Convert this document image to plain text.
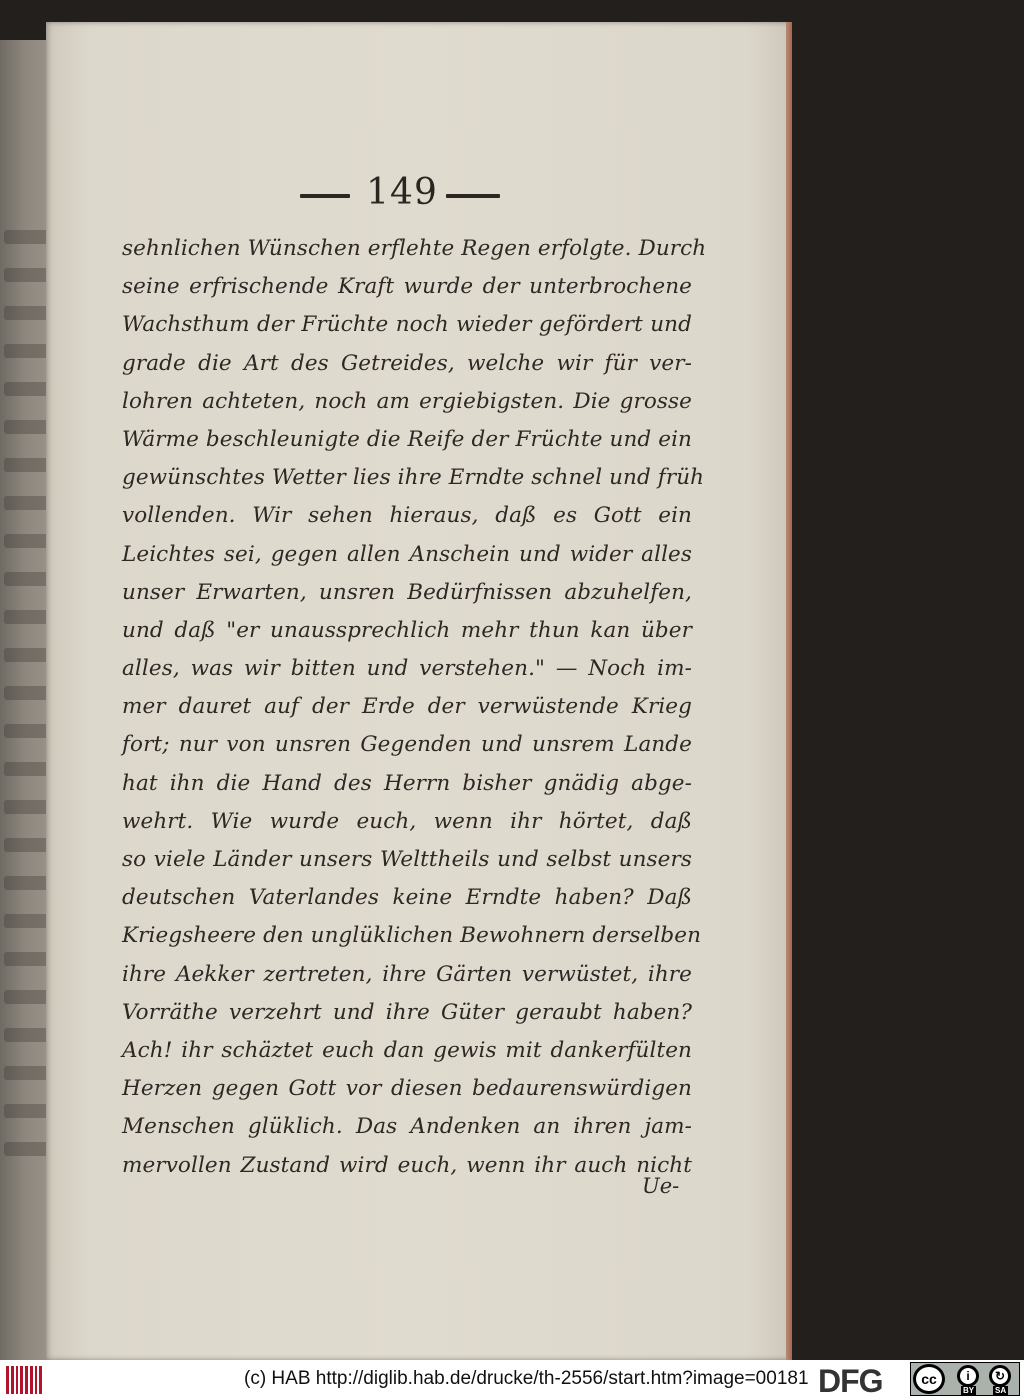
149
sehnlichen Wünschen erflehte Regen erfolgte. Durch
seine erfrischende Kraft wurde der unterbrochene
Wachsthum der Früchte noch wieder gefördert und
grade die Art des Getreides, welche wir für ver-
lohren achteten, noch am ergiebigsten. Die grosse
Wärme beschleunigte die Reife der Früchte und ein
gewünschtes Wetter lies ihre Erndte schnel und früh
vollenden. Wir sehen hieraus, daß es Gott ein
Leichtes sei, gegen allen Anschein und wider alles
unser Erwarten, unsren Bedürfnissen abzuhelfen,
und daß "er unaussprechlich mehr thun kan über
alles, was wir bitten und verstehen." — Noch im-
mer dauret auf der Erde der verwüstende Krieg
fort; nur von unsren Gegenden und unsrem Lande
hat ihn die Hand des Herrn bisher gnädig abge-
wehrt. Wie wurde euch, wenn ihr hörtet, daß
so viele Länder unsers Welttheils und selbst unsers
deutschen Vaterlandes keine Erndte haben? Daß
Kriegsheere den unglüklichen Bewohnern derselben
ihre Aekker zertreten, ihre Gärten verwüstet, ihre
Vorräthe verzehrt und ihre Güter geraubt haben?
Ach! ihr schäztet euch dan gewis mit dankerfülten
Herzen gegen Gott vor diesen bedaurenswürdigen
Menschen glüklich. Das Andenken an ihren jam-
mervollen Zustand wird euch, wenn ihr auch nicht
Ue-
(c) HAB http://diglib.hab.de/drucke/th-2556/start.htm?image=00181 DFG	cc	i	↻
BY	SA
